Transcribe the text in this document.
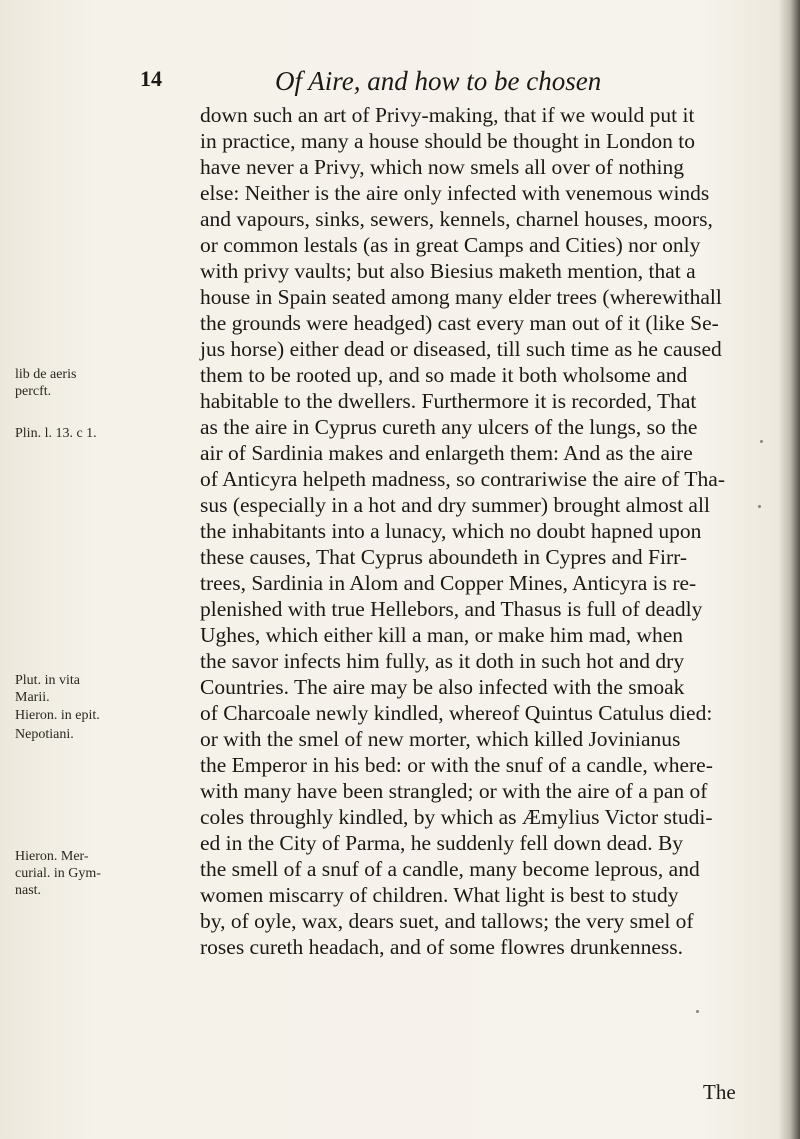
14	Of Aire, and how to be chosen
lib de aeris
percft.
Plin. l. 13. c 1.
Plut. in vita
Marii.
Hieron. in epit.
Nepotiani.
Hieron. Mer-
curial. in Gym-
nast.
down such an art of Privy-making, that if we would put it
in practice, many a house should be thought in London to
have never a Privy, which now smels all over of nothing
else: Neither is the aire only infected with venemous winds
and vapours, sinks, sewers, kennels, charnel houses, moors,
or common lestals (as in great Camps and Cities) nor only
with privy vaults; but also Biesius maketh mention, that a
house in Spain seated among many elder trees (wherewithall
the grounds were headged) cast every man out of it (like Se-
jus horse) either dead or diseased, till such time as he caused
them to be rooted up, and so made it both wholsome and
habitable to the dwellers. Furthermore it is recorded, That
as the aire in Cyprus cureth any ulcers of the lungs, so the
air of Sardinia makes and enlargeth them: And as the aire
of Anticyra helpeth madness, so contrariwise the aire of Tha-
sus (especially in a hot and dry summer) brought almost all
the inhabitants into a lunacy, which no doubt hapned upon
these causes, That Cyprus aboundeth in Cypres and Firr-
trees, Sardinia in Alom and Copper Mines, Anticyra is re-
plenished with true Hellebors, and Thasus is full of deadly
Ughes, which either kill a man, or make him mad, when
the savor infects him fully, as it doth in such hot and dry
Countries. The aire may be also infected with the smoak
of Charcoale newly kindled, whereof Quintus Catulus died:
or with the smel of new morter, which killed Jovinianus
the Emperor in his bed: or with the snuf of a candle, where-
with many have been strangled; or with the aire of a pan of
coles throughly kindled, by which as Æmylius Victor studi-
ed in the City of Parma, he suddenly fell down dead. By
the smell of a snuf of a candle, many become leprous, and
women miscarry of children. What light is best to study
by, of oyle, wax, dears suet, and tallows; the very smel of
roses cureth headach, and of some flowres drunkenness.
The
